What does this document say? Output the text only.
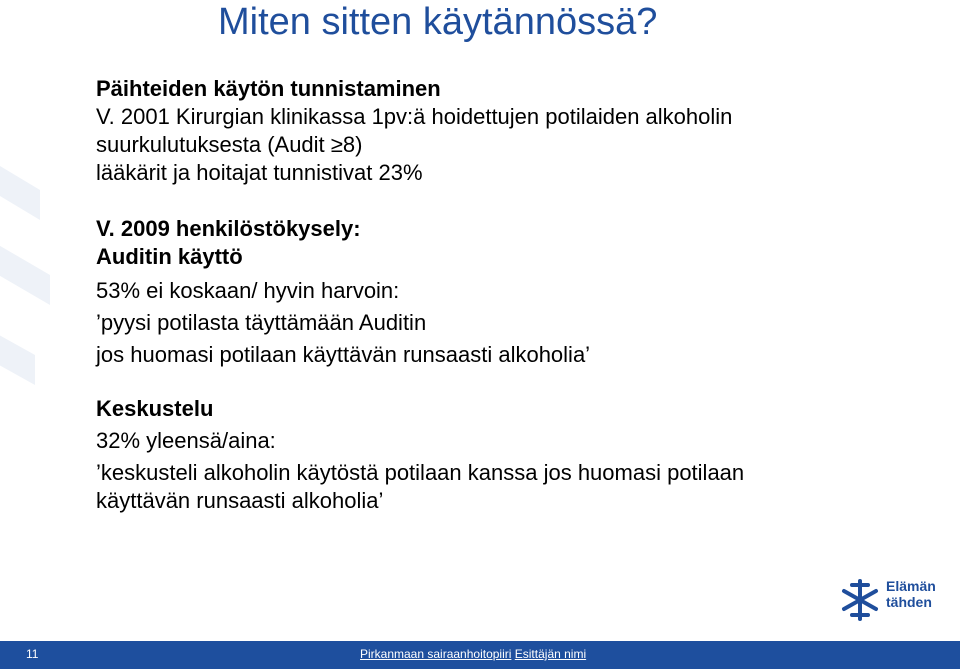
Miten sitten käytännössä?
Päihteiden käytön tunnistaminen
V. 2001 Kirurgian klinikassa 1pv:ä hoidettujen potilaiden alkoholin
suurkulutuksesta (Audit ≥8)
lääkärit ja hoitajat tunnistivat 23%
V. 2009 henkilöstökysely:
Auditin käyttö
53% ei koskaan/ hyvin harvoin:
’pyysi potilasta täyttämään Auditin
jos huomasi potilaan käyttävän runsaasti alkoholia’
Keskustelu
32% yleensä/aina:
’keskusteli alkoholin käytöstä potilaan kanssa jos huomasi potilaan
käyttävän runsaasti alkoholia’
Elämän
tähden
11	Pirkanmaan sairaanhoitopiiri Esittäjän nimi
